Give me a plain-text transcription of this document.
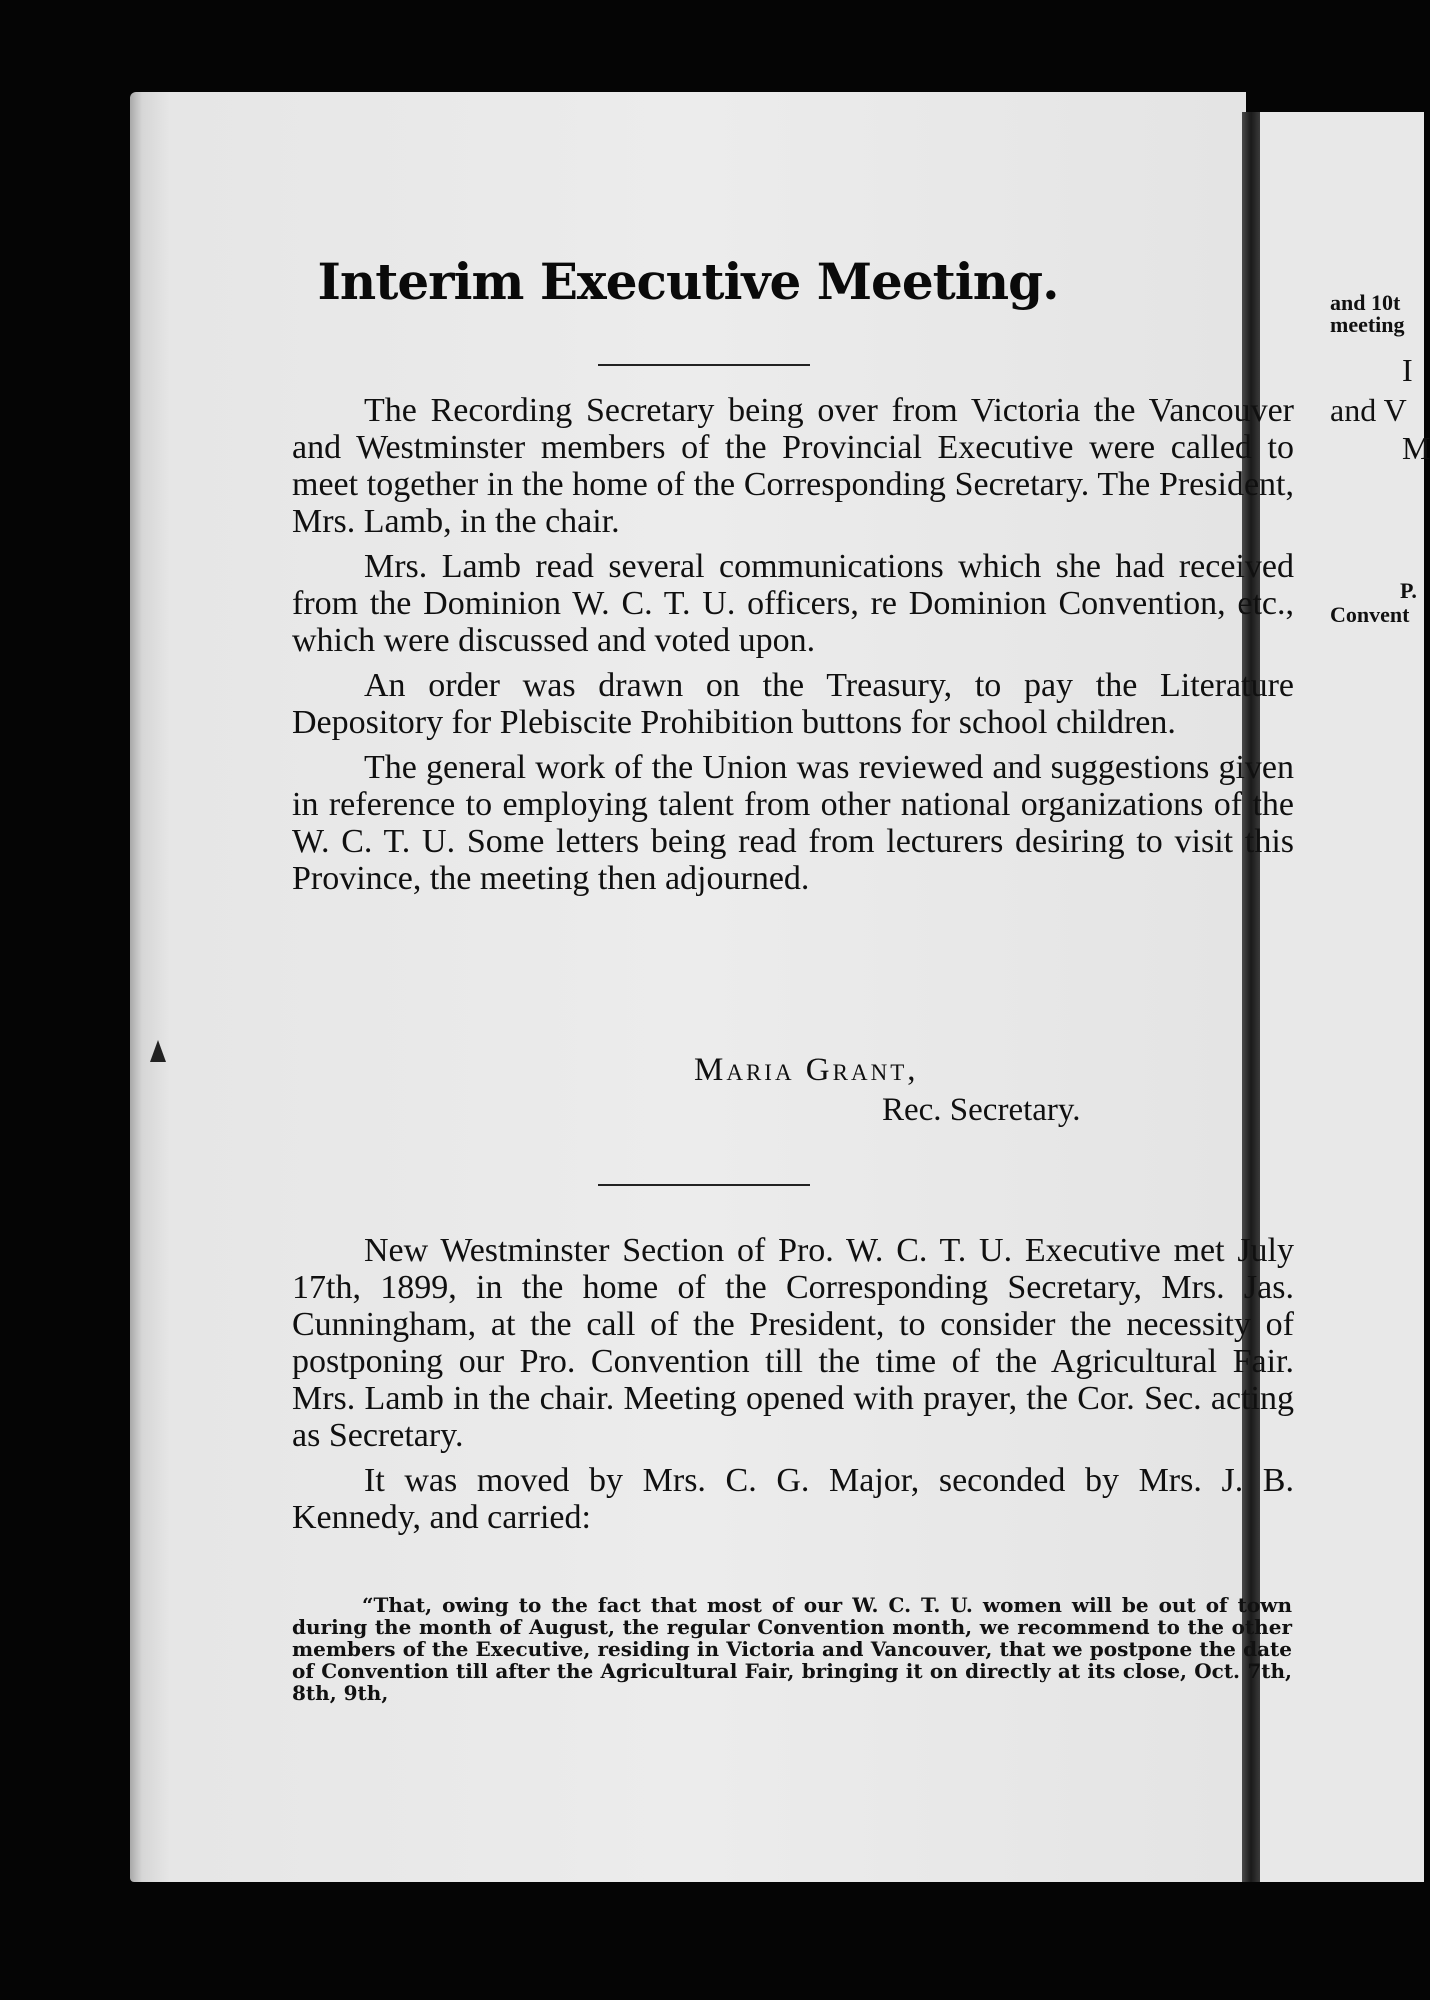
and 10t
meeting
I
and V
M
P.
Convent
Interim Executive Meeting.

The Recording Secretary being over from Victoria the Vancouver and Westminster members of the Provincial Executive were called to meet together in the home of the Corresponding Secretary. The President, Mrs. Lamb, in the chair.

Mrs. Lamb read several communications which she had received from the Dominion W. C. T. U. officers, re Dominion Convention, etc., which were discussed and voted upon.

An order was drawn on the Treasury, to pay the Literature Depository for Plebiscite Prohibition buttons for school children.

The general work of the Union was reviewed and suggestions given in reference to employing talent from other national organizations of the W. C. T. U. Some letters being read from lecturers desiring to visit this Province, the meeting then adjourned.

Maria Grant,
Rec. Secretary.

New Westminster Section of Pro. W. C. T. U. Executive met July 17th, 1899, in the home of the Corresponding Secretary, Mrs. Jas. Cunningham, at the call of the President, to consider the necessity of postponing our Pro. Convention till the time of the Agricultural Fair. Mrs. Lamb in the chair. Meeting opened with prayer, the Cor. Sec. acting as Secretary.

It was moved by Mrs. C. G. Major, seconded by Mrs. J. B. Kennedy, and carried:

“That, owing to the fact that most of our W. C. T. U. women will be out of town during the month of August, the regular Convention month, we recommend to the other members of the Executive, residing in Victoria and Vancouver, that we postpone the date of Convention till after the Agricultural Fair, bringing it on directly at its close, Oct. 7th, 8th, 9th,
